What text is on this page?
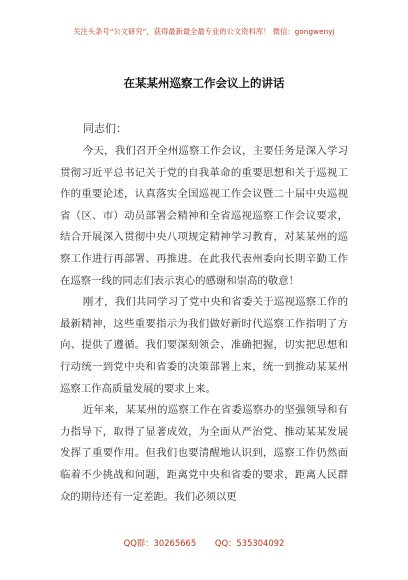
关注头条号“公文研究”，获得最新最全最专业的公文资料库！ 微信：gongwenyj
在某某州巡察工作会议上的讲话
同志们：

今天，我们召开全州巡察工作会议，主要任务是深入学习贯彻习近平总书记关于党的自我革命的重要思想和关于巡视工作的重要论述，认真落实全国巡视工作会议暨二十届中央巡视省（区、市）动员部署会精神和全省巡视巡察工作会议要求，结合开展深入贯彻中央八项规定精神学习教育，对某某州的巡察工作进行再部署、再推进。在此我代表州委向长期辛勤工作在巡察一线的同志们表示衷心的感谢和崇高的敬意！

刚才，我们共同学习了党中央和省委关于巡视巡察工作的最新精神，这些重要指示为我们做好新时代巡察工作指明了方向、提供了遵循。我们要深刻领会、准确把握，切实把思想和行动统一到党中央和省委的决策部署上来，统一到推动某某州巡察工作高质量发展的要求上来。

近年来，某某州的巡察工作在省委巡察办的坚强领导和有力指导下，取得了显著成效，为全面从严治党、推动某某发展发挥了重要作用。但我们也要清醒地认识到，巡察工作仍然面临着不少挑战和问题，距离党中央和省委的要求，距离人民群众的期待还有一定差距。我们必须以更

QQ群：30265665 QQ：535304092
